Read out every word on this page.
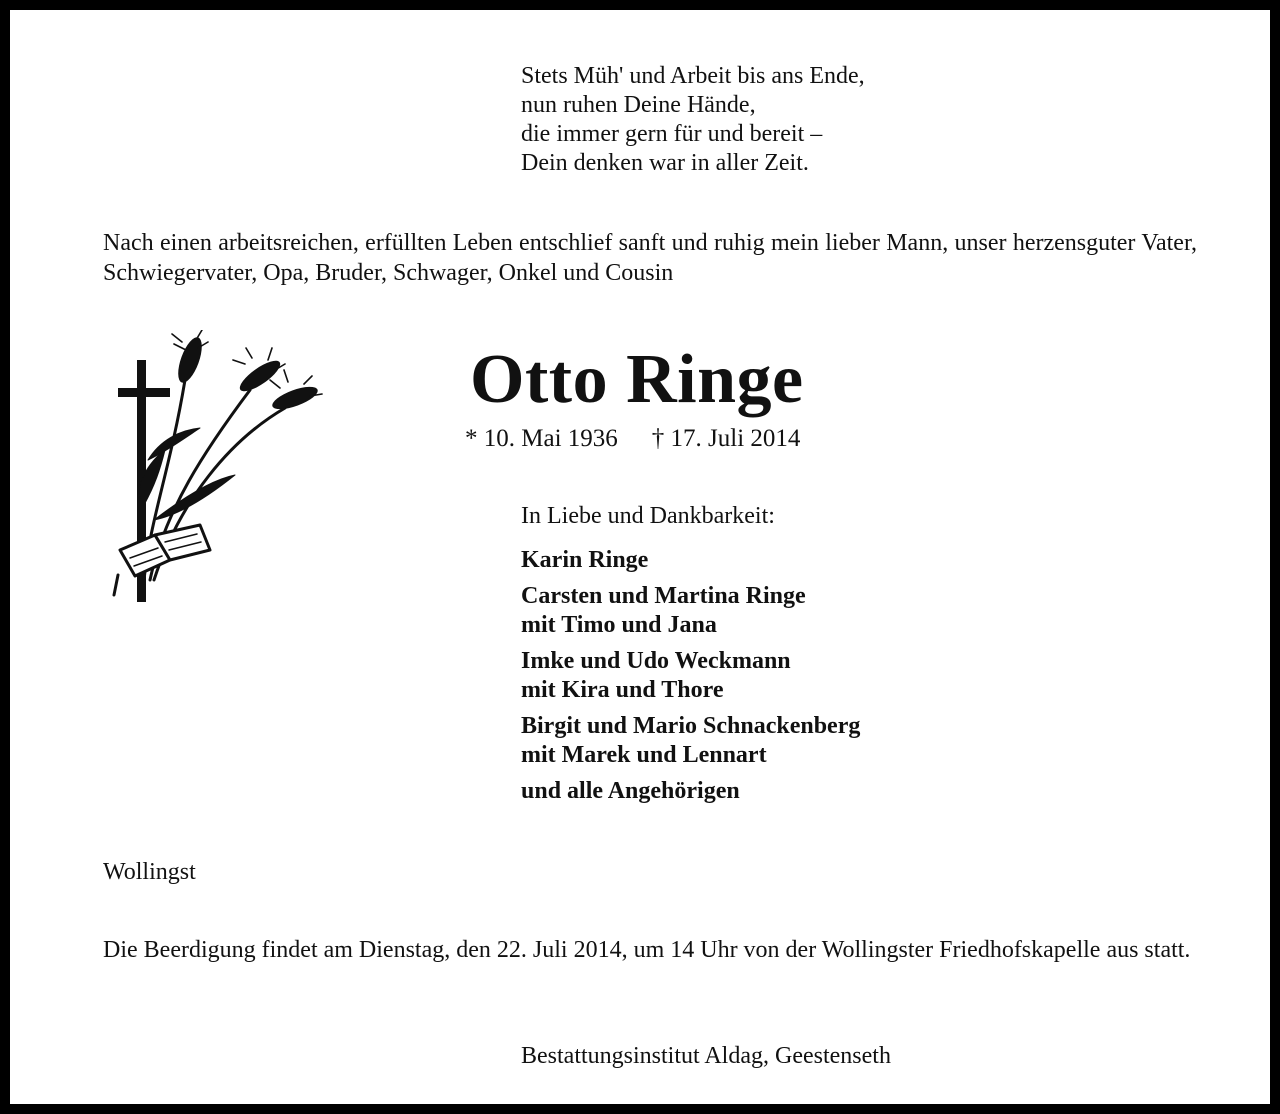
Stets Müh' und Arbeit bis ans Ende,
nun ruhen Deine Hände,
die immer gern für und bereit –
Dein denken war in aller Zeit.
Nach einen arbeitsreichen, erfüllten Leben entschlief sanft und ruhig mein lieber Mann, unser herzensguter Vater, Schwiegervater, Opa, Bruder, Schwager, Onkel und Cousin
Otto Ringe
* 10. Mai 1936 † 17. Juli 2014
In Liebe und Dankbarkeit:
Karin Ringe
Carsten und Martina Ringe
mit Timo und Jana
Imke und Udo Weckmann
mit Kira und Thore
Birgit und Mario Schnackenberg
mit Marek und Lennart
und alle Angehörigen
Wollingst
Die Beerdigung findet am Dienstag, den 22. Juli 2014, um 14 Uhr von der Wollingster Friedhofskapelle aus statt.
Bestattungsinstitut Aldag, Geestenseth
